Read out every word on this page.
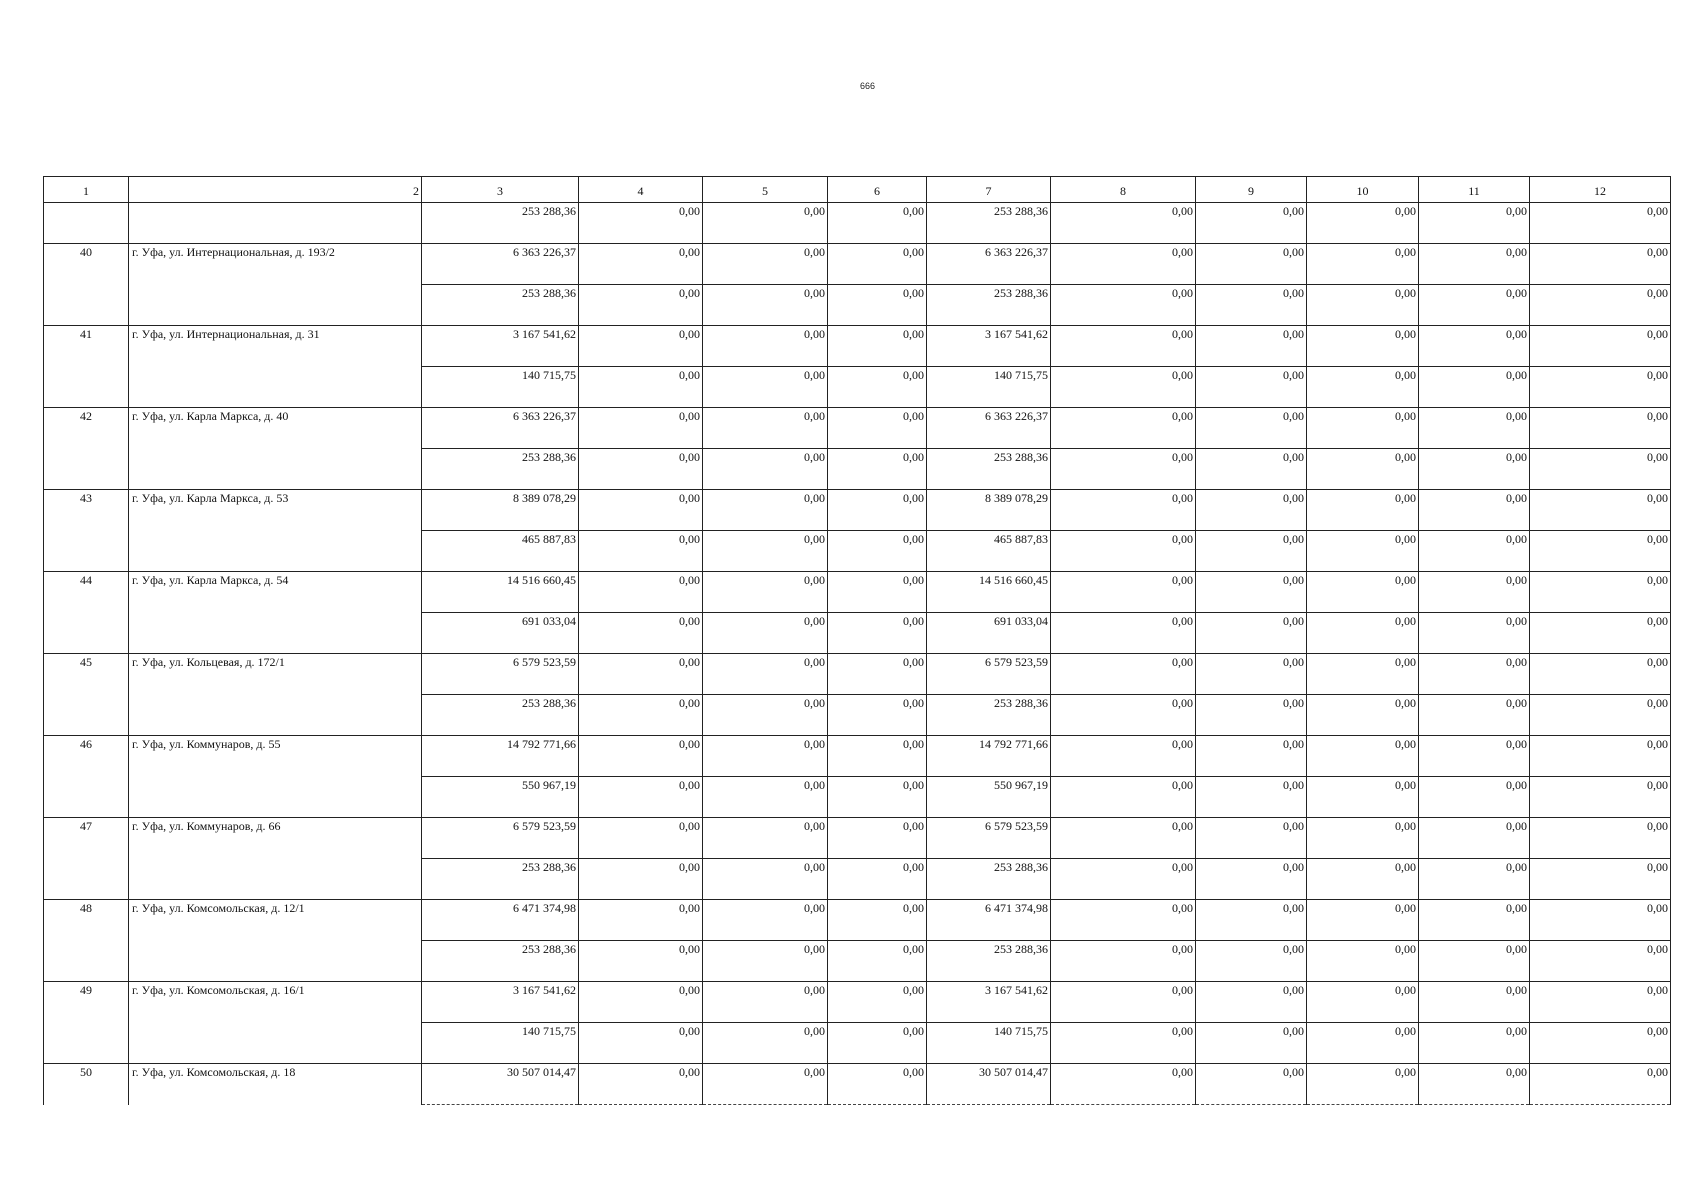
666
1	2	3	4	5	6	7	8	9	10	11	12
		253 288,36	0,00	0,00	0,00	253 288,36	0,00	0,00	0,00	0,00	0,00
40	г. Уфа, ул. Интернациональная, д. 193/2	6 363 226,37	0,00	0,00	0,00	6 363 226,37	0,00	0,00	0,00	0,00	0,00
		253 288,36	0,00	0,00	0,00	253 288,36	0,00	0,00	0,00	0,00	0,00
41	г. Уфа, ул. Интернациональная, д. 31	3 167 541,62	0,00	0,00	0,00	3 167 541,62	0,00	0,00	0,00	0,00	0,00
		140 715,75	0,00	0,00	0,00	140 715,75	0,00	0,00	0,00	0,00	0,00
42	г. Уфа, ул. Карла Маркса, д. 40	6 363 226,37	0,00	0,00	0,00	6 363 226,37	0,00	0,00	0,00	0,00	0,00
		253 288,36	0,00	0,00	0,00	253 288,36	0,00	0,00	0,00	0,00	0,00
43	г. Уфа, ул. Карла Маркса, д. 53	8 389 078,29	0,00	0,00	0,00	8 389 078,29	0,00	0,00	0,00	0,00	0,00
		465 887,83	0,00	0,00	0,00	465 887,83	0,00	0,00	0,00	0,00	0,00
44	г. Уфа, ул. Карла Маркса, д. 54	14 516 660,45	0,00	0,00	0,00	14 516 660,45	0,00	0,00	0,00	0,00	0,00
		691 033,04	0,00	0,00	0,00	691 033,04	0,00	0,00	0,00	0,00	0,00
45	г. Уфа, ул. Кольцевая, д. 172/1	6 579 523,59	0,00	0,00	0,00	6 579 523,59	0,00	0,00	0,00	0,00	0,00
		253 288,36	0,00	0,00	0,00	253 288,36	0,00	0,00	0,00	0,00	0,00
46	г. Уфа, ул. Коммунаров, д. 55	14 792 771,66	0,00	0,00	0,00	14 792 771,66	0,00	0,00	0,00	0,00	0,00
		550 967,19	0,00	0,00	0,00	550 967,19	0,00	0,00	0,00	0,00	0,00
47	г. Уфа, ул. Коммунаров, д. 66	6 579 523,59	0,00	0,00	0,00	6 579 523,59	0,00	0,00	0,00	0,00	0,00
		253 288,36	0,00	0,00	0,00	253 288,36	0,00	0,00	0,00	0,00	0,00
48	г. Уфа, ул. Комсомольская, д. 12/1	6 471 374,98	0,00	0,00	0,00	6 471 374,98	0,00	0,00	0,00	0,00	0,00
		253 288,36	0,00	0,00	0,00	253 288,36	0,00	0,00	0,00	0,00	0,00
49	г. Уфа, ул. Комсомольская, д. 16/1	3 167 541,62	0,00	0,00	0,00	3 167 541,62	0,00	0,00	0,00	0,00	0,00
		140 715,75	0,00	0,00	0,00	140 715,75	0,00	0,00	0,00	0,00	0,00
50	г. Уфа, ул. Комсомольская, д. 18	30 507 014,47	0,00	0,00	0,00	30 507 014,47	0,00	0,00	0,00	0,00	0,00
